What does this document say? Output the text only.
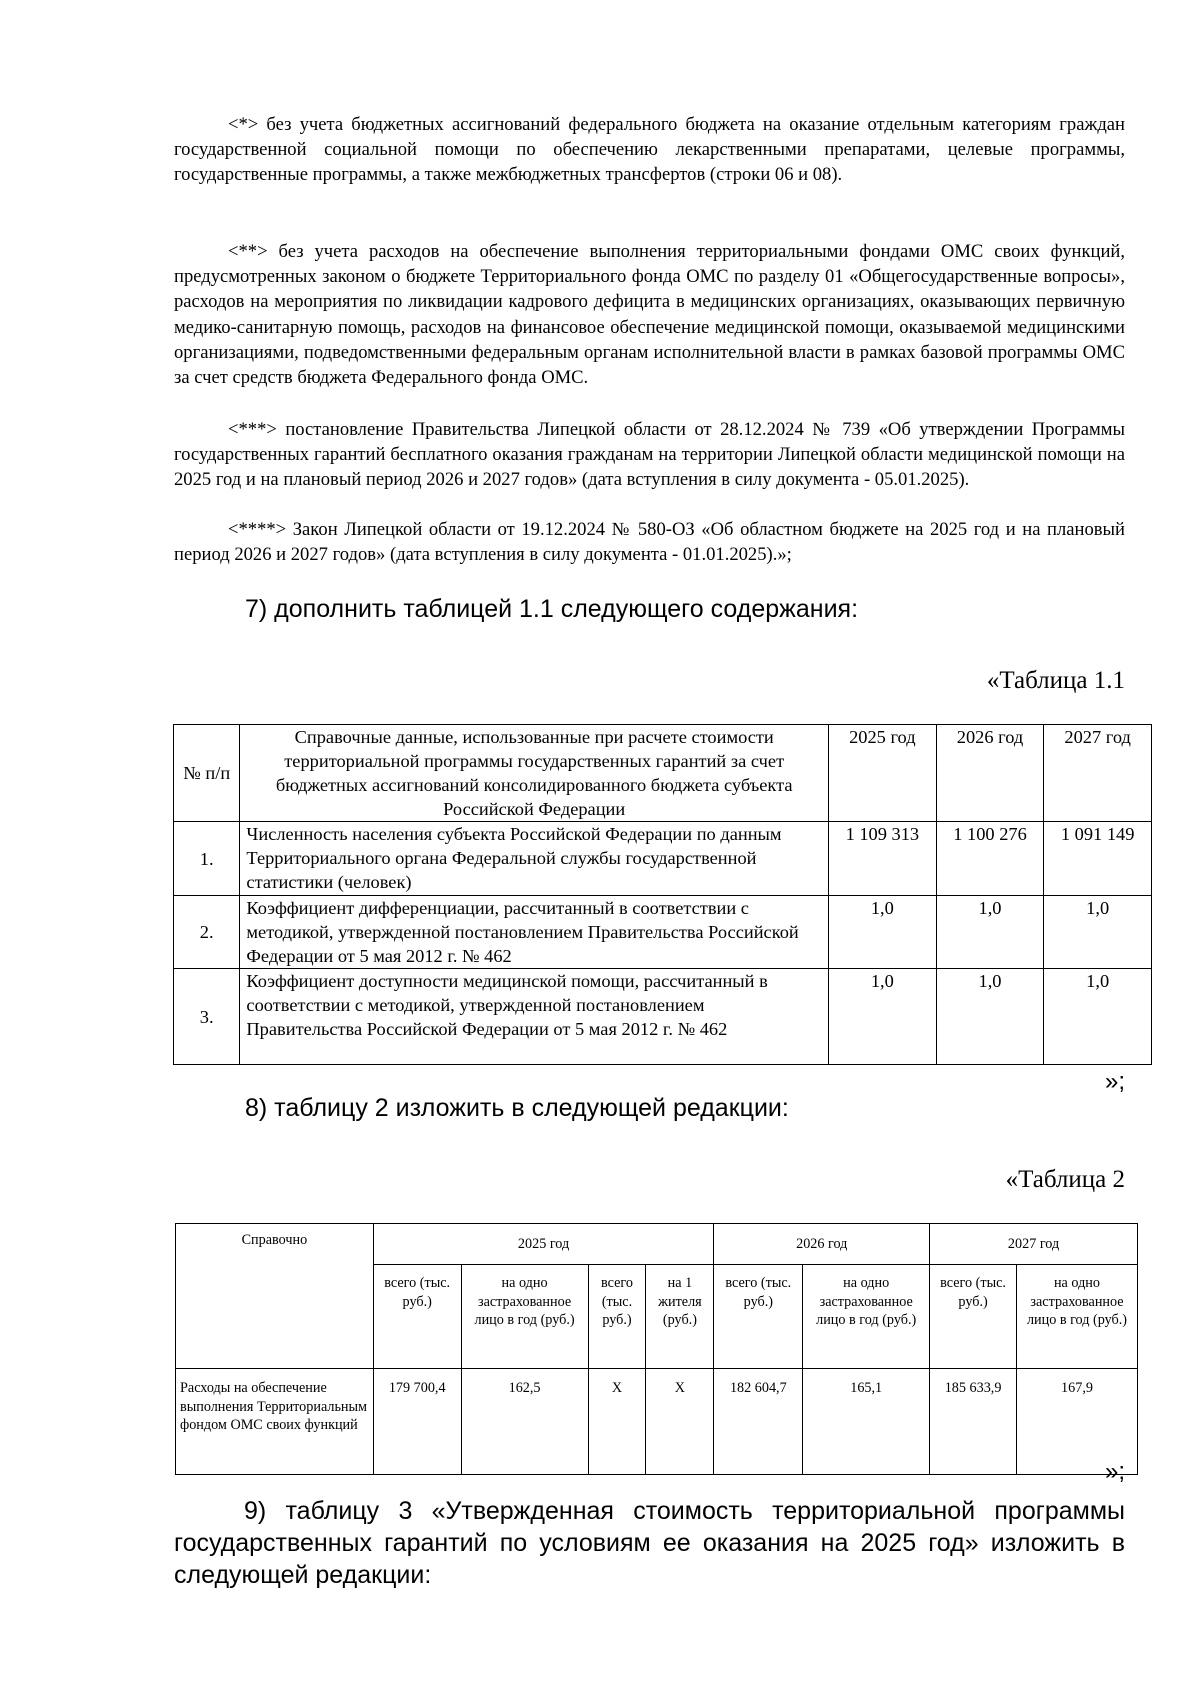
<*> без учета бюджетных ассигнований федерального бюджета на оказание отдельным категориям граждан государственной социальной помощи по обеспечению лекарственными препаратами, целевые программы, государственные программы, а также межбюджетных трансфертов (строки 06 и 08).

<**> без учета расходов на обеспечение выполнения территориальными фондами ОМС своих функций, предусмотренных законом о бюджете Территориального фонда ОМС по разделу 01 «Общегосударственные вопросы», расходов на мероприятия по ликвидации кадрового дефицита в медицинских организациях, оказывающих первичную медико-санитарную помощь, расходов на финансовое обеспечение медицинской помощи, оказываемой медицинскими организациями, подведомственными федеральным органам исполнительной власти в рамках базовой программы ОМС за счет средств бюджета Федерального фонда ОМС.

<***> постановление Правительства Липецкой области от 28.12.2024 № 739 «Об утверждении Программы государственных гарантий бесплатного оказания гражданам на территории Липецкой области медицинской помощи на 2025 год и на плановый период 2026 и 2027 годов» (дата вступления в силу документа - 05.01.2025).

<****> Закон Липецкой области от 19.12.2024 № 580-ОЗ «Об областном бюджете на 2025 год и на плановый период 2026 и 2027 годов» (дата вступления в силу документа - 01.01.2025).»;

7) дополнить таблицей 1.1 следующего содержания:

«Таблица 1.1

№ п/п	Справочные данные, использованные при расчете стоимости территориальной программы государственных гарантий за счет бюджетных ассигнований консолидированного бюджета субъекта Российской Федерации	2025 год	2026 год	2027 год
1.	Численность населения субъекта Российской Федерации по данным Территориального органа Федеральной службы государственной статистики (человек)	1 109 313	1 100 276	1 091 149
2.	Коэффициент дифференциации, рассчитанный в соответствии с методикой, утвержденной постановлением Правительства Российской Федерации от 5 мая 2012 г. № 462	1,0	1,0	1,0
3.	Коэффициент доступности медицинской помощи, рассчитанный в соответствии с методикой, утвержденной постановлением Правительства Российской Федерации от 5 мая 2012 г. № 462	1,0	1,0	1,0

»;

8) таблицу 2 изложить в следующей редакции:

«Таблица 2

Справочно	2025 год				2026 год		2027 год	
	всего (тыс. руб.)	на одно застрахованное лицо в год (руб.)	всего (тыс. руб.)	на 1 жителя (руб.)	всего (тыс. руб.)	на одно застрахованное лицо в год (руб.)	всего (тыс. руб.)	на одно застрахованное лицо в год (руб.)
Расходы на обеспечение выполнения Территориальным фондом ОМС своих функций	179 700,4	162,5	X	X	182 604,7	165,1	185 633,9	167,9

»;

9) таблицу 3 «Утвержденная стоимость территориальной программы государственных гарантий по условиям ее оказания на 2025 год» изложить в следующей редакции:
